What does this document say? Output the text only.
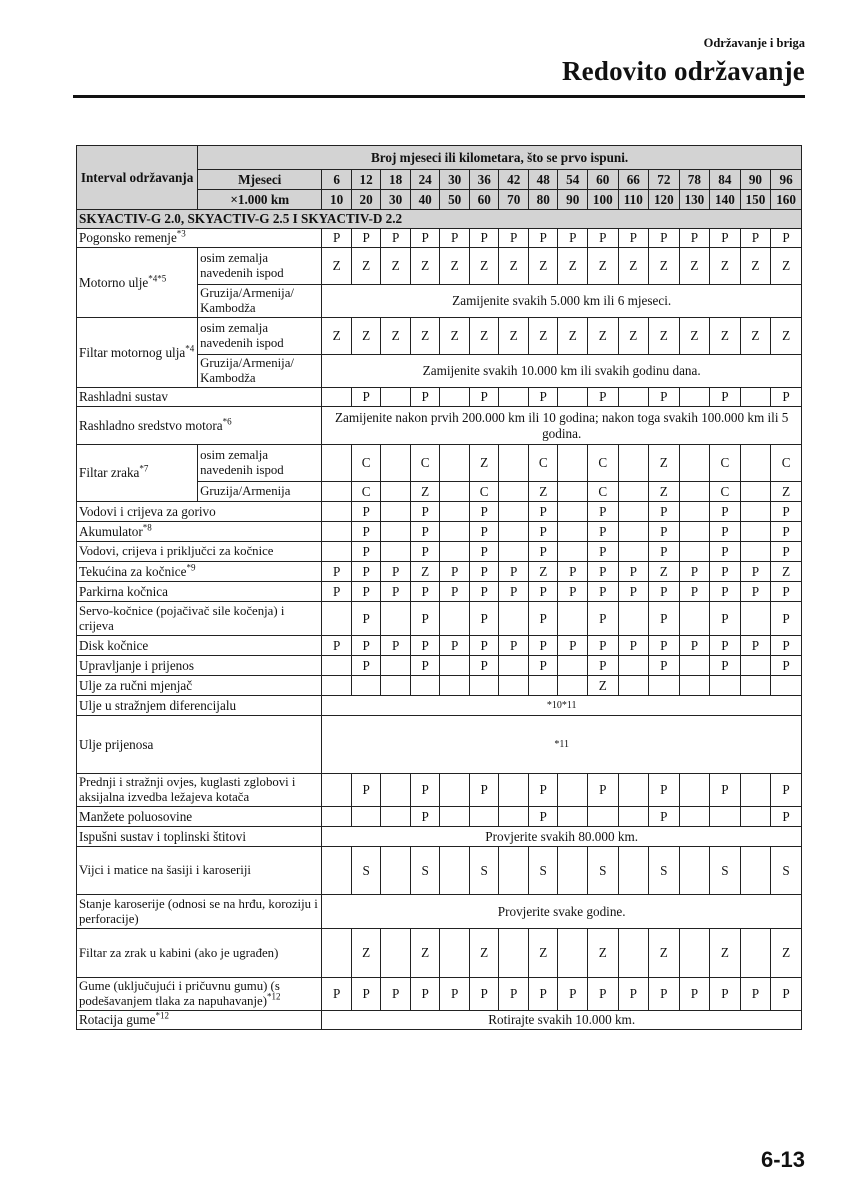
Održavanje i briga
Redovito održavanje
Interval održavanja	Broj mjeseci ili kilometara, što se prvo ispuni.																
	Mjeseci	6	12	18	24	30	36	42	48	54	60	66	72	78	84	90	96
	×1.000 km	10	20	30	40	50	60	70	80	90	100	110	120	130	140	150	160
SKYACTIV-G 2.0, SKYACTIV-G 2.5 I SKYACTIV-D 2.2																	
Pogonsko remenje$^{*3}$		P	P	P	P	P	P	P	P	P	P	P	P	P	P	P	P
Motorno ulje$^{*4*5}$	osim zemalja navedenih ispod	Z	Z	Z	Z	Z	Z	Z	Z	Z	Z	Z	Z	Z	Z	Z	Z
	Gruzija/Armenija/ Kambodža	Zamijenite svakih 5.000 km ili 6 mjeseci.															
Filtar motornog ulja$^{*4}$	osim zemalja navedenih ispod	Z	Z	Z	Z	Z	Z	Z	Z	Z	Z	Z	Z	Z	Z	Z	Z
	Gruzija/Armenija/ Kambodža	Zamijenite svakih 10.000 km ili svakih godinu dana.															
Rashladni sustav			P		P		P		P		P		P		P		P
Rashladno sredstvo motora$^{*6}$		Zamijenite nakon prvih 200.000 km ili 10 godina; nakon toga svakih 100.000 km ili 5 godina.															
Filtar zraka$^{*7}$	osim zemalja navedenih ispod		C		C		Z		C		C		Z		C		C
	Gruzija/Armenija		C		Z		C		Z		C		Z		C		Z
Vodovi i crijeva za gorivo			P		P		P		P		P		P		P		P
Akumulator$^{*8}$			P		P		P		P		P		P		P		P
Vodovi, crijeva i priključci za kočnice			P		P		P		P		P		P		P		P
Tekućina za kočnice$^{*9}$		P	P	P	Z	P	P	P	Z	P	P	P	Z	P	P	P	Z
Parkirna kočnica		P	P	P	P	P	P	P	P	P	P	P	P	P	P	P	P
Servo-kočnice (pojačivač sile kočenja) i crijeva			P		P		P		P		P		P		P		P
Disk kočnice		P	P	P	P	P	P	P	P	P	P	P	P	P	P	P	P
Upravljanje i prijenos			P		P		P		P		P		P		P		P
Ulje za ručni mjenjač											Z						
Ulje u stražnjem diferencijalu		*10*11															
Ulje prijenosa		*11															
Prednji i stražnji ovjes, kuglasti zglobovi i aksijalna izvedba ležajeva kotača			P		P		P		P		P		P		P		P
Manžete poluosovine					P				P				P				P
Ispušni sustav i toplinski štitovi		Provjerite svakih 80.000 km.															
Vijci i matice na šasiji i karoseriji			S		S		S		S		S		S		S		S
Stanje karoserije (odnosi se na hrđu, koroziju i perforacije)		Provjerite svake godine.															
Filtar za zrak u kabini (ako je ugrađen)			Z		Z		Z		Z		Z		Z		Z		Z
Gume (uključujući i pričuvnu gumu) (s podešavanjem tlaka za napuhavanje)$^{*12}$		P	P	P	P	P	P	P	P	P	P	P	P	P	P	P	P
Rotacija gume$^{*12}$		Rotirajte svakih 10.000 km.															
6-13
